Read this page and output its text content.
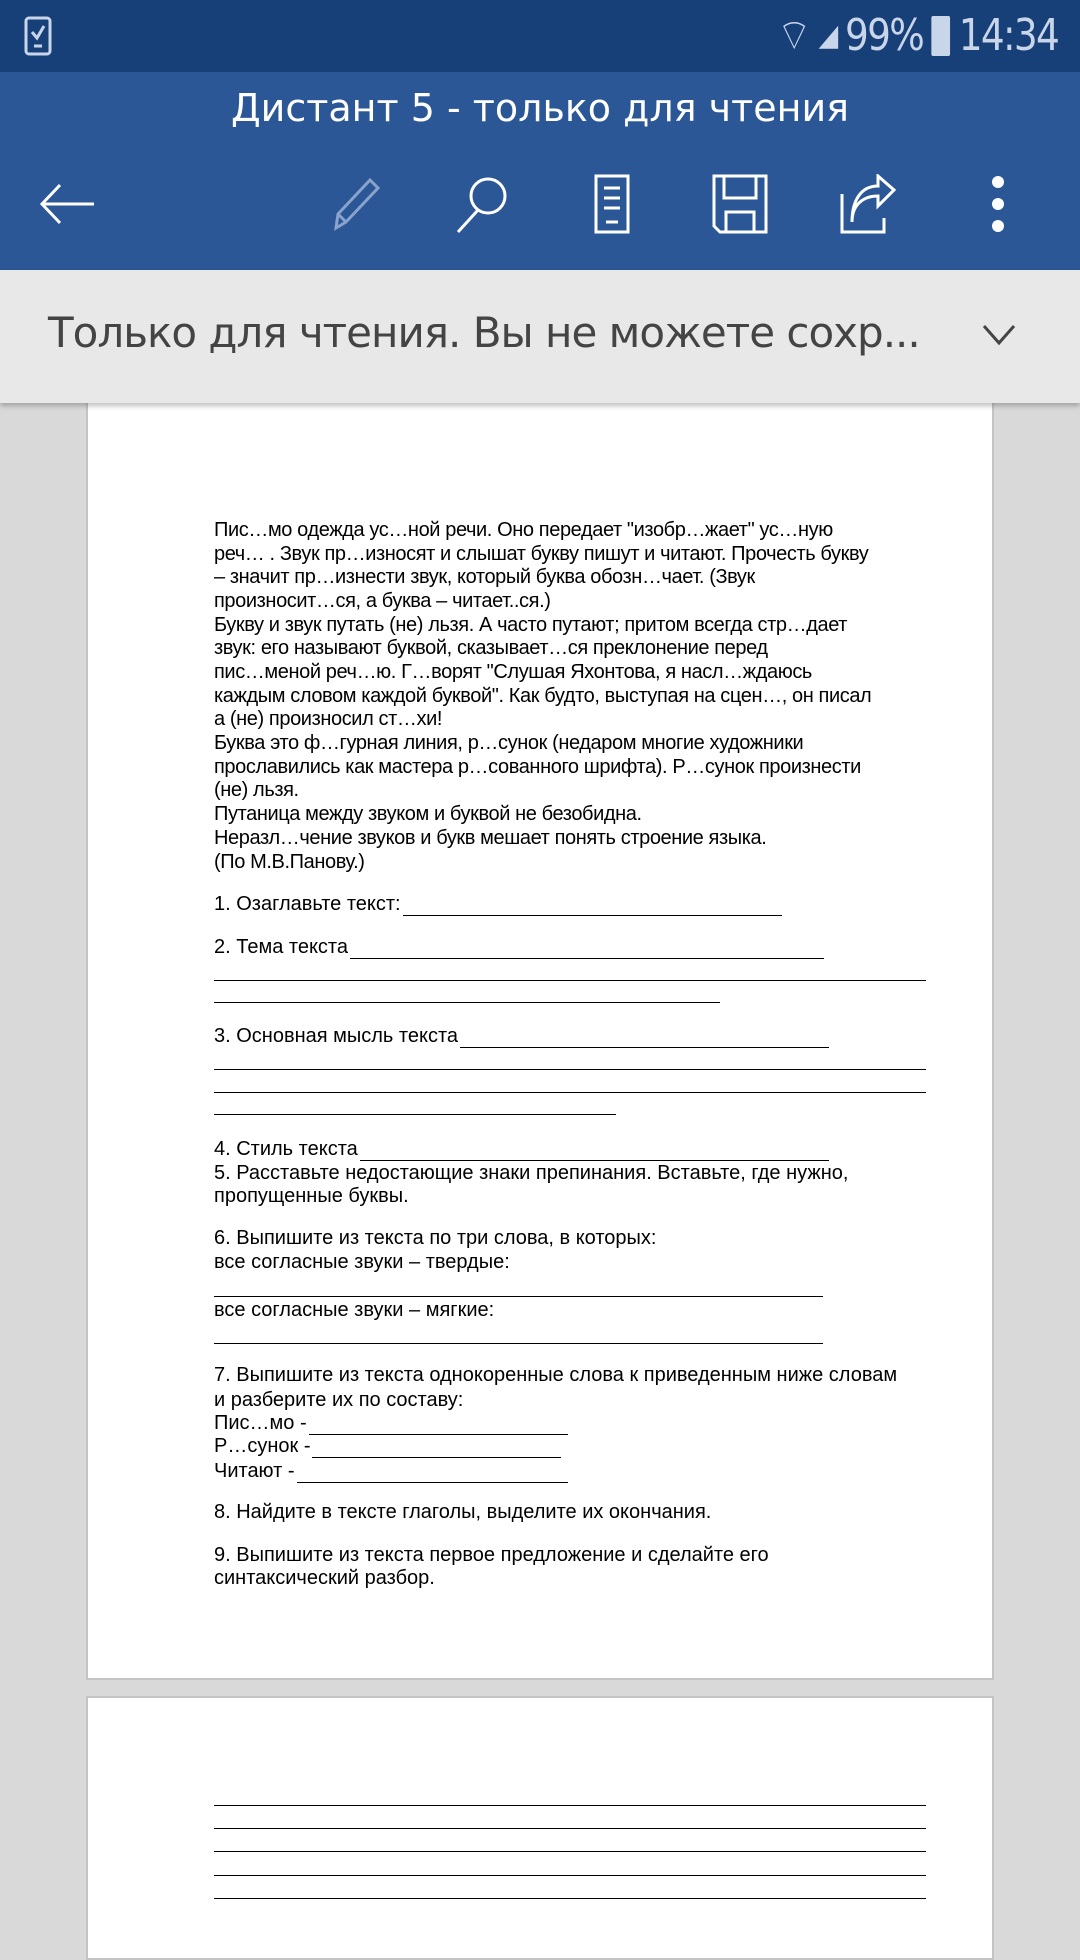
⌔ ◢ 99% 14:34
Дистант 5 - только для чтения
Только для чтения. Вы не можете сохр...
Пис…мо одежда ус…ной речи. Оно передает "изобр…жает" ус…ную
реч… . Звук пр…износят и слышат букву пишут и читают. Прочесть букву
– значит пр…изнести звук, который буква обозн…чает. (Звук
произносит…ся, а буква – читает..ся.)
Букву и звук путать (не) льзя. А часто путают; притом всегда стр…дает
звук: его называют буквой, сказывает…ся преклонение перед
пис…меной реч…ю. Г…ворят "Слушая Яхонтова, я насл…ждаюсь
каждым словом каждой буквой". Как будто, выступая на сцен…, он писал
а (не) произносил ст…хи!
Буква это ф…гурная линия, р…сунок (недаром многие художники
прославились как мастера р…сованного шрифта). Р…сунок произнести
(не) льзя.
Путаница между звуком и буквой не безобидна.
Неразл…чение звуков и букв мешает понять строение языка.
(По М.В.Панову.)
1. Озаглавьте текст:
2. Тема текста
3. Основная мысль текста
4. Стиль текста
5. Расставьте недостающие знаки препинания. Вставьте, где нужно,
пропущенные буквы.
6. Выпишите из текста по три слова, в которых:
все согласные звуки – твердые:
все согласные звуки – мягкие:
7. Выпишите из текста однокоренные слова к приведенным ниже словам
и разберите их по составу:
Пис…мо -
Р…сунок -
Читают -
8. Найдите в тексте глаголы, выделите их окончания.
9. Выпишите из текста первое предложение и сделайте его
синтаксический разбор.
